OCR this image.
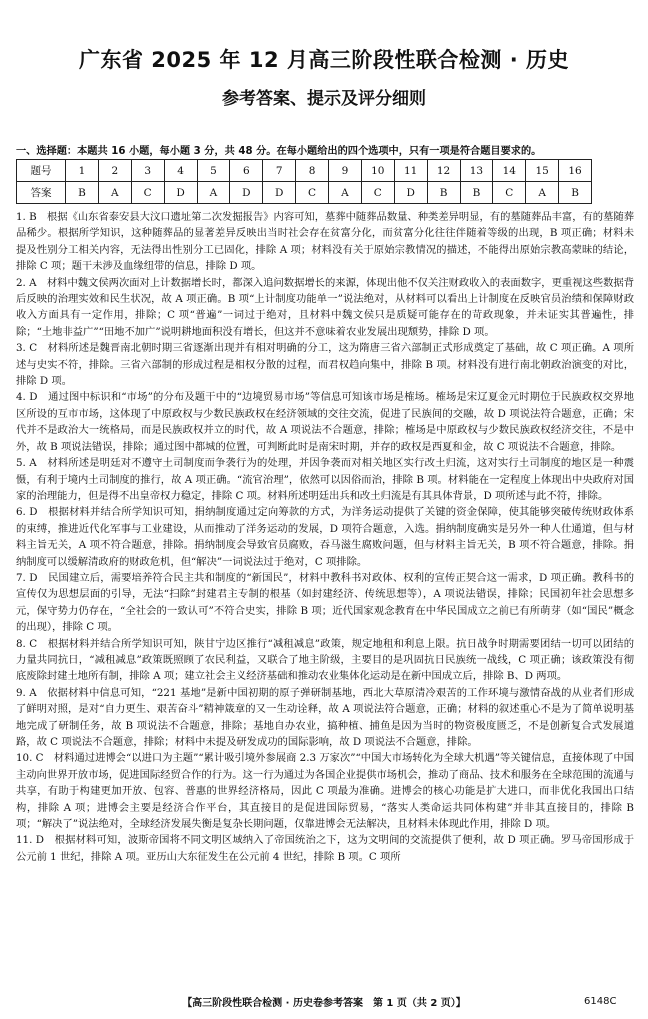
广东省 2025 年 12 月高三阶段性联合检测 · 历史
参考答案、提示及评分细则
一、选择题：本题共 16 小题，每小题 3 分，共 48 分。在每小题给出的四个选项中，只有一项是符合题目要求的。
题号	1	2	3	4	5	6	7	8	9	10	11	12	13	14	15	16
答案	B	A	C	D	A	D	D	C	A	C	D	B	B	C	A	B

1. B　根据《山东省泰安县大汶口遗址第二次发掘报告》内容可知，墓葬中随葬品数量、种类差异明显，有的墓随葬品丰富，有的墓随葬品稀少。根据所学知识，这种随葬品的显著差异反映出当时社会存在贫富分化，而贫富分化往往伴随着等级的出现，B 项正确；材料未提及性别分工相关内容，无法得出性别分工已固化，排除 A 项；材料没有关于原始宗教情况的描述，不能得出原始宗教高蒙昧的结论，排除 C 项；题干未涉及血缘纽带的信息，排除 D 项。

2. A　材料中魏文侯两次面对上计数据增长时，都深入追问数据增长的来源，体现出他不仅关注财政收入的表面数字，更重视这些数据背后反映的治理实效和民生状况，故 A 项正确。B 项“上计制度功能单一”说法绝对，从材料可以看出上计制度在反映官员治绩和保障财政收入方面具有一定作用，排除；C 项“普遍”一词过于绝对，且材料中魏文侯只是质疑可能存在的苛政现象，并未证实其普遍性，排除；“土地非益广”“田地不加广”说明耕地面积没有增长，但这并不意味着农业发展出现颓势，排除 D 项。

3. C　材料所述是魏晋南北朝时期三省逐渐出现并有相对明确的分工，这为隋唐三省六部制正式形成奠定了基础，故 C 项正确。A 项所述与史实不符，排除。三省六部制的形成过程是相权分散的过程，而君权趋向集中，排除 B 项。材料没有进行南北朝政治演变的对比，排除 D 项。

4. D　通过图中标识和“市场”的分布及题干中的“边境贸易市场”等信息可知该市场是榷场。榷场是宋辽夏金元时期位于民族政权交界地区所设的互市市场，这体现了中原政权与少数民族政权在经济领域的交往交流，促进了民族间的交融，故 D 项说法符合题意，正确；宋代并不是政治大一统格局，而是民族政权并立的时代，故 A 项说法不合题意，排除；榷场是中原政权与少数民族政权经济交往，不是中外，故 B 项说法错误，排除；通过图中都城的位置，可判断此时是南宋时期，并存的政权是西夏和金，故 C 项说法不合题意，排除。

5. A　材料所述是明廷对不遵守土司制度而争袭行为的处理，并因争袭而对相关地区实行改土归流，这对实行土司制度的地区是一种震慑，有利于境内土司制度的推行，故 A 项正确。“流官治理”，依然可以因俗而治，排除 B 项。材料能在一定程度上体现出中央政府对国家的治理能力，但是得不出皇帝权力稳定，排除 C 项。材料所述明廷出兵和改土归流是有其具体背景，D 项所述与此不符，排除。

6. D　根据材料并结合所学知识可知，捐纳制度通过定向筹款的方式，为洋务运动提供了关键的资金保障，使其能够突破传统财政体系的束缚，推进近代化军事与工业建设，从而推动了洋务运动的发展，D 项符合题意，入选。捐纳制度确实是另外一种人仕通道，但与材料主旨无关，A 项不符合题意，排除。捐纳制度会导致官员腐败，吞马滋生腐败问题，但与材料主旨无关，B 项不符合题意，排除。捐纳制度可以缓解清政府的财政危机，但“解决”一词说法过于绝对，C 项排除。

7. D　民国建立后，需要培养符合民主共和制度的“新国民”，材料中教科书对政体、权利的宣传正契合这一需求，D 项正确。教科书的宣传仅为思想层面的引导，无法“扫除”封建君主专制的根基（如封建经济、传统思想等），A 项说法错误，排除；民国初年社会思想多元，保守势力仍存在，“全社会的一致认可”不符合史实，排除 B 项；近代国家观念教育在中华民国成立之前已有所萌芽（如“国民”概念的出现），排除 C 项。

8. C　根据材料并结合所学知识可知，陕甘宁边区推行“减租减息”政策，规定地租和利息上限。抗日战争时期需要团结一切可以团结的力量共同抗日，“减租减息”政策既照顾了农民利益，又联合了地主阶级，主要目的是巩固抗日民族统一战线，C 项正确；该政策没有彻底废除封建土地所有制，排除 A 项；建立社会主义经济基础和推动农业集体化运动是在新中国成立后，排除 B、D 两项。

9. A　依据材料中信息可知，“221 基地”是新中国初期的原子弹研制基地，西北大草原清冷艰苦的工作环境与激情奋战的从业者们形成了鲜明对照，是对“自力更生、艰苦奋斗”精神箴章的又一生动诠释，故 A 项说法符合题意，正确；材料的叙述重心不是为了简单说明基地完成了研制任务，故 B 项说法不合题意，排除；基地自办农业，搞种植、捕鱼是因为当时的物资极度匮乏，不是创新复合式发展道路，故 C 项说法不合题意，排除；材料中未提及研发成功的国际影响，故 D 项说法不合题意，排除。

10. C　材料通过进博会“以进口为主题”“累计吸引境外参展商 2.3 万家次”“中国大市场转化为全球大机遇”等关键信息，直接体现了中国主动向世界开放市场，促进国际经贸合作的行为。这一行为通过为各国企业提供市场机会，推动了商品、技术和服务在全球范围的流通与共享，有助于构建更加开放、包容、普惠的世界经济格局，因此 C 项最为准确。进博会的核心功能是扩大进口，而非优化我国出口结构，排除 A 项；进博会主要是经济合作平台，其直接目的是促进国际贸易，“落实人类命运共同体构建”并非其直接目的，排除 B 项；“解决了”说法绝对，全球经济发展失衡是复杂长期问题，仅靠进博会无法解决，且材料未体现此作用，排除 D 项。

11. D　根据材料可知，波斯帝国将不同文明区域纳入了帝国统治之下，这为文明间的交流提供了便利，故 D 项正确。罗马帝国形成于公元前 1 世纪，排除 A 项。亚历山大东征发生在公元前 4 世纪，排除 B 项。C 项所

【高三阶段性联合检测 · 历史卷参考答案　第 1 页（共 2 页）】	6148C
